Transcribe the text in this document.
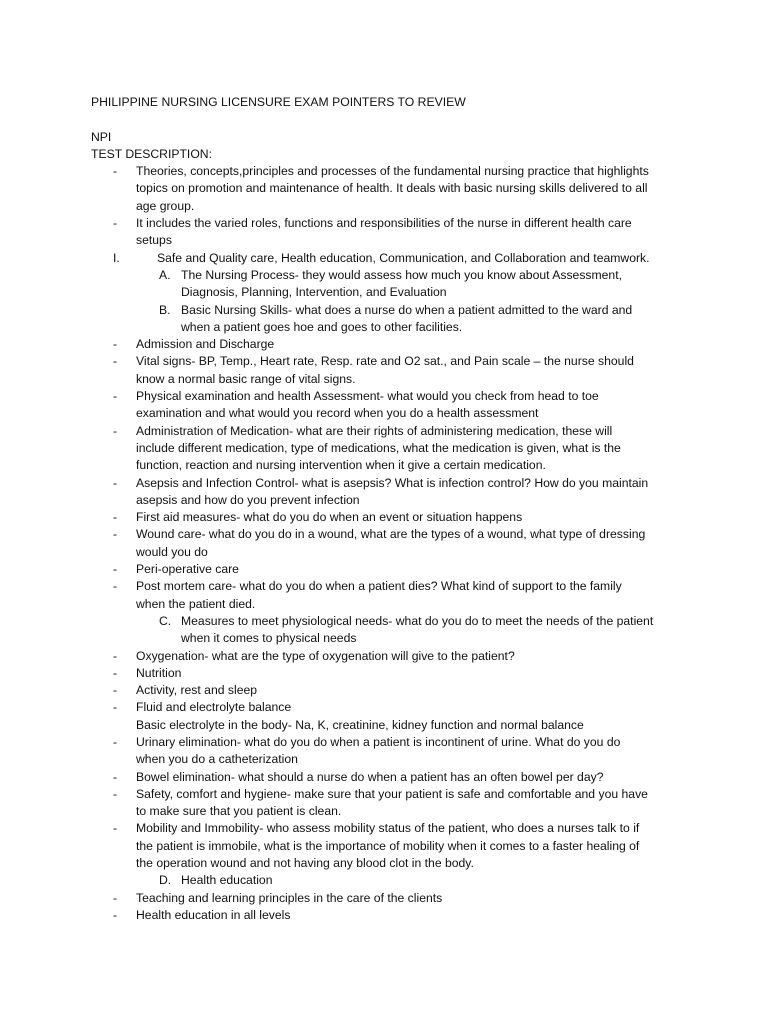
PHILIPPINE NURSING LICENSURE EXAM POINTERS TO REVIEW
NPI
TEST DESCRIPTION:
-	Theories, concepts,principles and processes of the fundamental nursing practice that highlights
topics on promotion and maintenance of health. It deals with basic nursing skills delivered to all
age group.
-	It includes the varied roles, functions and responsibilities of the nurse in different health care
setups
I.	Safe and Quality care, Health education, Communication, and Collaboration and teamwork.
A. The Nursing Process- they would assess how much you know about Assessment,
Diagnosis, Planning, Intervention, and Evaluation
B. Basic Nursing Skills- what does a nurse do when a patient admitted to the ward and
when a patient goes hoe and goes to other facilities.
-	Admission and Discharge
-	Vital signs- BP, Temp., Heart rate, Resp. rate and O2 sat., and Pain scale – the nurse should
know a normal basic range of vital signs.
-	Physical examination and health Assessment- what would you check from head to toe
examination and what would you record when you do a health assessment
-	Administration of Medication- what are their rights of administering medication, these will
include different medication, type of medications, what the medication is given, what is the
function, reaction and nursing intervention when it give a certain medication.
-	Asepsis and Infection Control- what is asepsis? What is infection control? How do you maintain
asepsis and how do you prevent infection
-	First aid measures- what do you do when an event or situation happens
-	Wound care- what do you do in a wound, what are the types of a wound, what type of dressing
would you do
-	Peri-operative care
-	Post mortem care- what do you do when a patient dies? What kind of support to the family
when the patient died.
C. Measures to meet physiological needs- what do you do to meet the needs of the patient
when it comes to physical needs
-	Oxygenation- what are the type of oxygenation will give to the patient?
-	Nutrition
-	Activity, rest and sleep
-	Fluid and electrolyte balance
Basic electrolyte in the body- Na, K, creatinine, kidney function and normal balance
-	Urinary elimination- what do you do when a patient is incontinent of urine. What do you do
when you do a catheterization
-	Bowel elimination- what should a nurse do when a patient has an often bowel per day?
-	Safety, comfort and hygiene- make sure that your patient is safe and comfortable and you have
to make sure that you patient is clean.
-	Mobility and Immobility- who assess mobility status of the patient, who does a nurses talk to if
the patient is immobile, what is the importance of mobility when it comes to a faster healing of
the operation wound and not having any blood clot in the body.
D. Health education
-	Teaching and learning principles in the care of the clients
-	Health education in all levels
